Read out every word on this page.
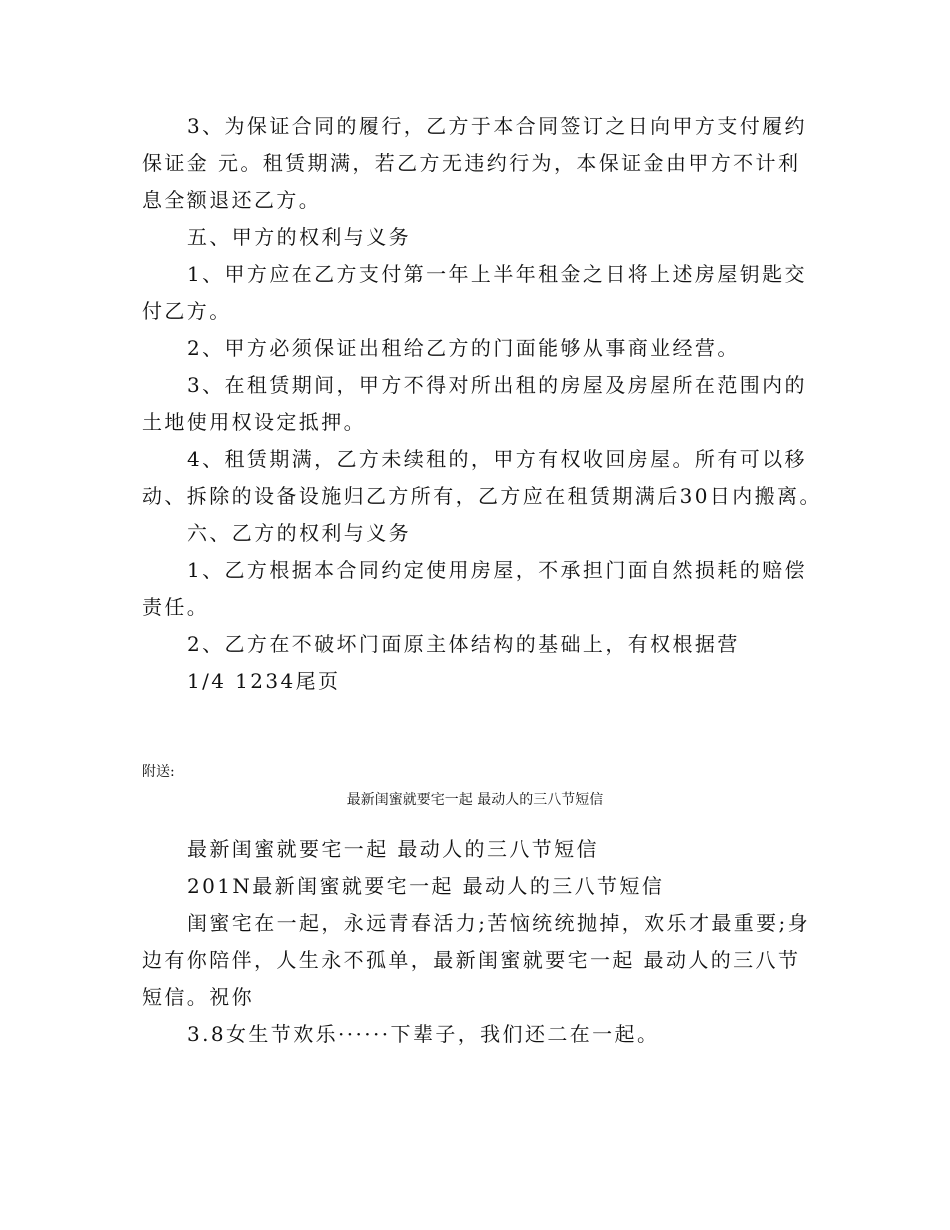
3、为保证合同的履行，乙方于本合同签订之日向甲方支付履约保证金 元。租赁期满，若乙方无违约行为，本保证金由甲方不计利息全额退还乙方。

五、甲方的权利与义务

1、甲方应在乙方支付第一年上半年租金之日将上述房屋钥匙交付乙方。

2、甲方必须保证出租给乙方的门面能够从事商业经营。

3、在租赁期间，甲方不得对所出租的房屋及房屋所在范围内的土地使用权设定抵押。

4、租赁期满，乙方未续租的，甲方有权收回房屋。所有可以移动、拆除的设备设施归乙方所有，乙方应在租赁期满后30日内搬离。

六、乙方的权利与义务

1、乙方根据本合同约定使用房屋，不承担门面自然损耗的赔偿责任。

2、乙方在不破坏门面原主体结构的基础上，有权根据营

1/4 1234尾页

附送:

最新闺蜜就要宅一起 最动人的三八节短信

最新闺蜜就要宅一起 最动人的三八节短信

201N最新闺蜜就要宅一起 最动人的三八节短信

闺蜜宅在一起，永远青春活力;苦恼统统抛掉，欢乐才最重要;身边有你陪伴，人生永不孤单，最新闺蜜就要宅一起 最动人的三八节短信。祝你

3.8女生节欢乐······下辈子，我们还二在一起。
